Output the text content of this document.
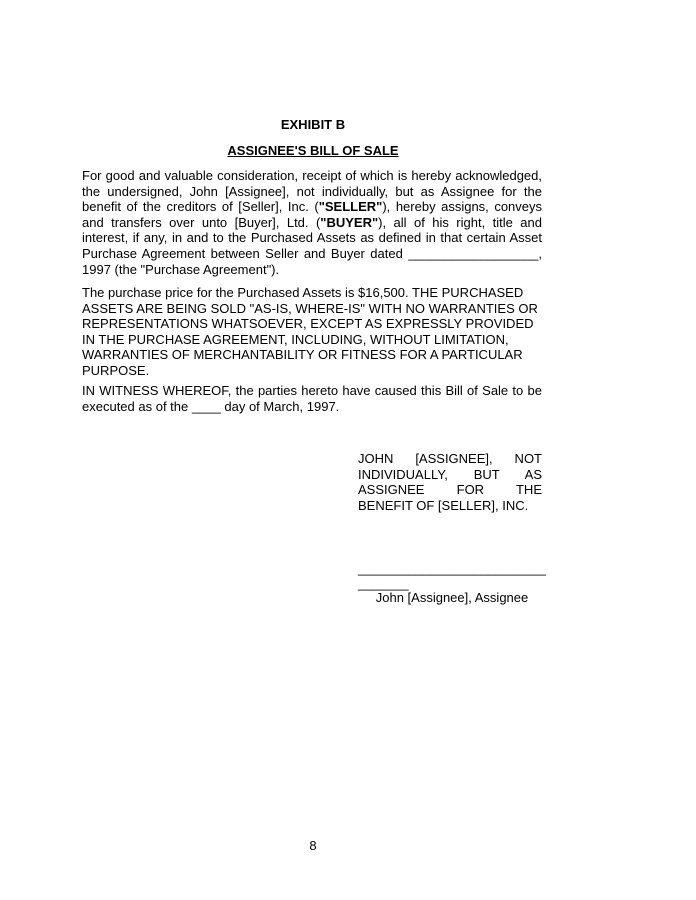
EXHIBIT B
ASSIGNEE'S BILL OF SALE

For good and valuable consideration, receipt of which is hereby acknowledged, the undersigned, John [Assignee], not individually, but as Assignee for the benefit of the creditors of [Seller], Inc. ("SELLER"), hereby assigns, conveys and transfers over unto [Buyer], Ltd. ("BUYER"), all of his right, title and interest, if any, in and to the Purchased Assets as defined in that certain Asset Purchase Agreement between Seller and Buyer dated __________________, 1997 (the "Purchase Agreement").

The purchase price for the Purchased Assets is $16,500. THE PURCHASED ASSETS ARE BEING SOLD "AS-IS, WHERE-IS" WITH NO WARRANTIES OR REPRESENTATIONS WHATSOEVER, EXCEPT AS EXPRESSLY PROVIDED IN THE PURCHASE AGREEMENT, INCLUDING, WITHOUT LIMITATION, WARRANTIES OF MERCHANTABILITY OR FITNESS FOR A PARTICULAR PURPOSE.

IN WITNESS WHEREOF, the parties hereto have caused this Bill of Sale to be executed as of the ____ day of March, 1997.

JOHN [ASSIGNEE], NOT INDIVIDUALLY, BUT AS ASSIGNEE FOR THE BENEFIT OF [SELLER], INC.
__________________________
_______
John [Assignee], Assignee
8
